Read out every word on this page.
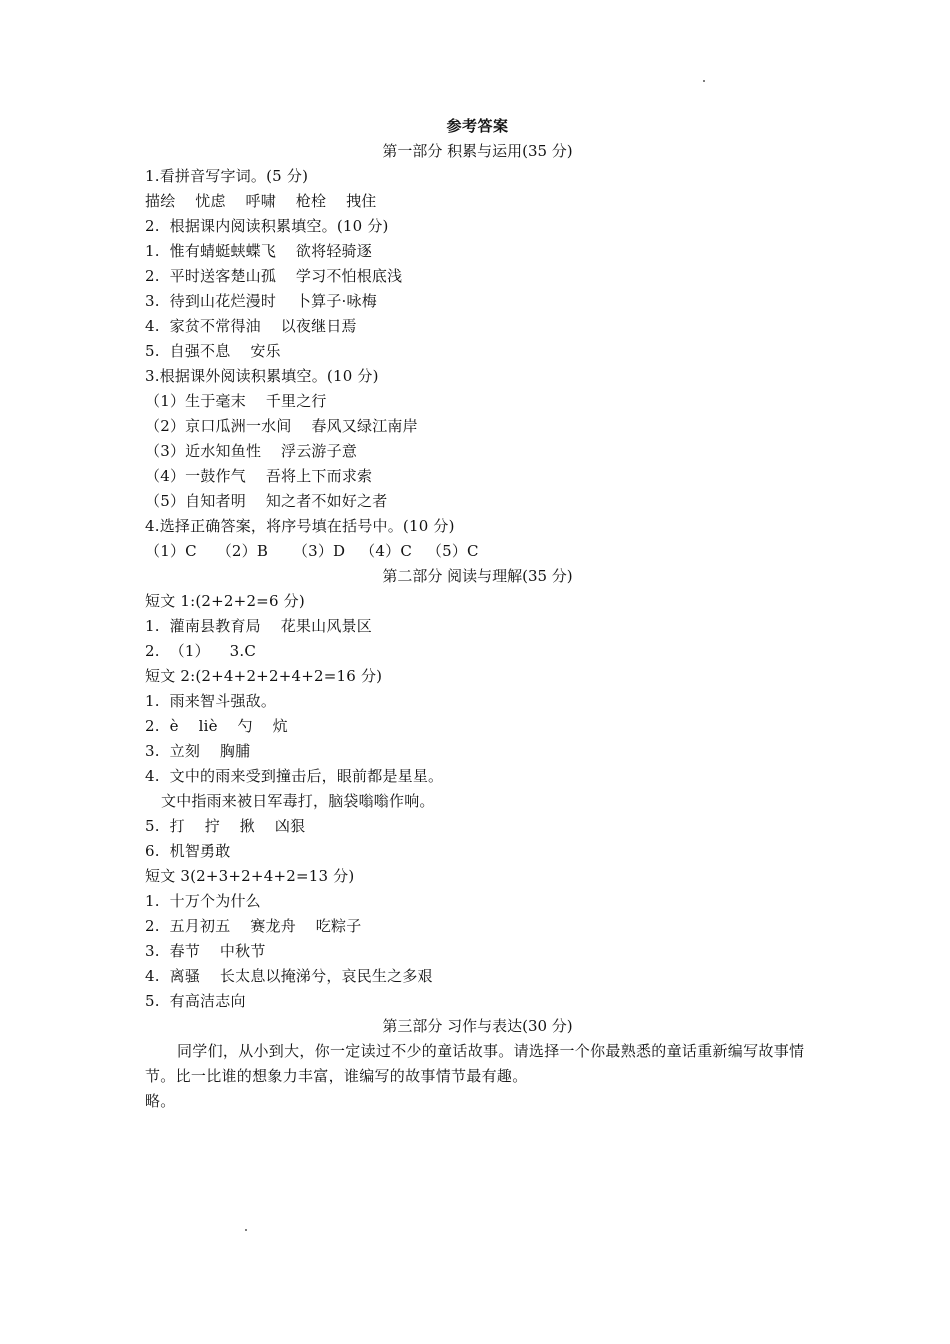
参考答案
第一部分 积累与运用(35 分)
1.看拼音写字词。(5 分)
描绘    忧虑    呼啸    枪栓    拽住
2.  根据课内阅读积累填空。(10 分)
1.  惟有蜻蜓蛱蝶飞    欲将轻骑逐
2.  平时送客楚山孤    学习不怕根底浅
3.  待到山花烂漫时    卜算子·咏梅
4.  家贫不常得油    以夜继日焉
5.  自强不息    安乐
3.根据课外阅读积累填空。(10 分)
（1）生于毫末    千里之行
（2）京口瓜洲一水间    春风又绿江南岸
（3）近水知鱼性    浮云游子意
（4）一鼓作气    吾将上下而求索
（5）自知者明    知之者不如好之者
4.选择正确答案，将序号填在括号中。(10 分)
（1）C    （2）B     （3）D   （4）C   （5）C
第二部分 阅读与理解(35 分)
短文 1:(2+2+2=6 分)
1.  灌南县教育局    花果山风景区
2.  （1）    3.C
短文 2:(2+4+2+2+4+2=16 分)
1.  雨来智斗强敌。
2.  è    liè    勺    炕
3.  立刻    胸脯
4.  文中的雨来受到撞击后，眼前都是星星。
文中指雨来被日军毒打，脑袋嗡嗡作响。
5.  打    拧    揪    凶狠
6.  机智勇敢
短文 3(2+3+2+4+2=13 分)
1.  十万个为什么
2.  五月初五    赛龙舟    吃粽子
3.  春节    中秋节
4.  离骚    长太息以掩涕兮，哀民生之多艰
5.  有高洁志向
第三部分 习作与表达(30 分)
同学们，从小到大，你一定读过不少的童话故事。请选择一个你最熟悉的童话重新编写故事情节。比一比谁的想象力丰富，谁编写的故事情节最有趣。
略。
